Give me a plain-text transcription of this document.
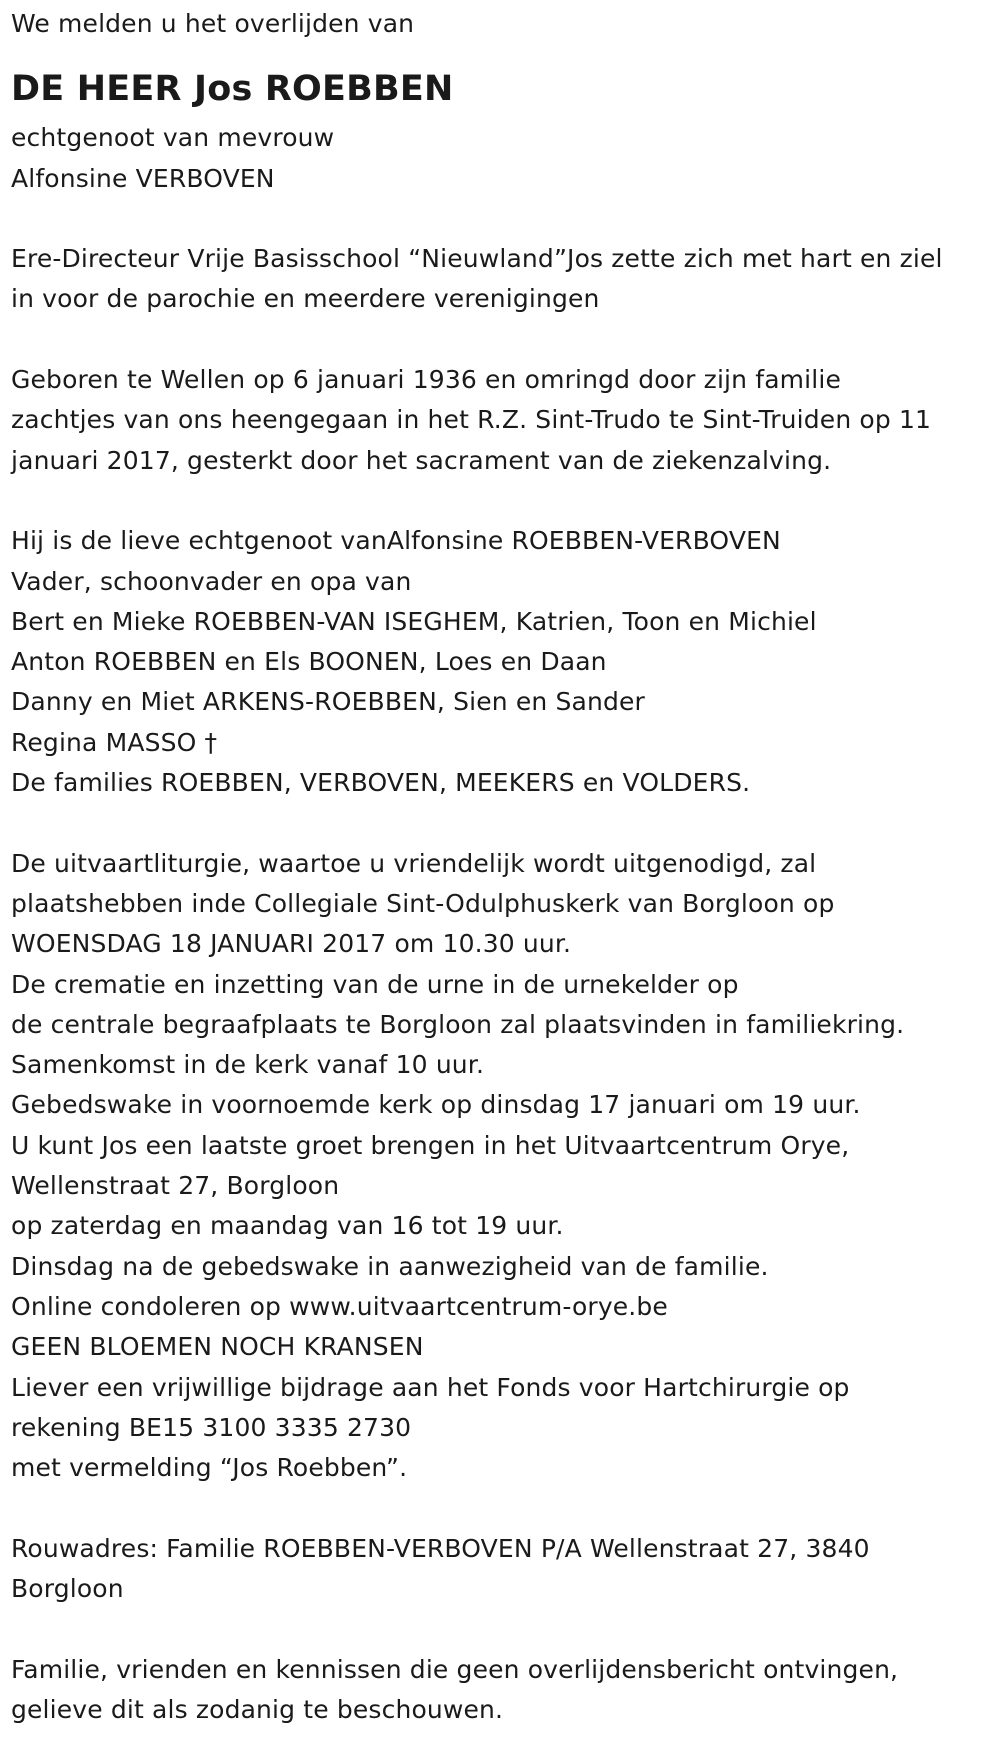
We melden u het overlijden van
DE HEER Jos ROEBBEN
echtgenoot van mevrouw
Alfonsine VERBOVEN
Ere-Directeur Vrije Basisschool “Nieuwland”Jos zette zich met hart en ziel
in voor de parochie en meerdere verenigingen
Geboren te Wellen op 6 januari 1936 en omringd door zijn familie
zachtjes van ons heengegaan in het R.Z. Sint-Trudo te Sint-Truiden op 11
januari 2017, gesterkt door het sacrament van de ziekenzalving.
Hij is de lieve echtgenoot vanAlfonsine ROEBBEN-VERBOVEN
Vader, schoonvader en opa van
Bert en Mieke ROEBBEN-VAN ISEGHEM, Katrien, Toon en Michiel
Anton ROEBBEN en Els BOONEN, Loes en Daan
Danny en Miet ARKENS-ROEBBEN, Sien en Sander
Regina MASSO †
De families ROEBBEN, VERBOVEN, MEEKERS en VOLDERS.
De uitvaartliturgie, waartoe u vriendelijk wordt uitgenodigd, zal
plaatshebben inde Collegiale Sint-Odulphuskerk van Borgloon op
WOENSDAG 18 JANUARI 2017 om 10.30 uur.
De crematie en inzetting van de urne in de urnekelder op
de centrale begraafplaats te Borgloon zal plaatsvinden in familiekring.
Samenkomst in de kerk vanaf 10 uur.
Gebedswake in voornoemde kerk op dinsdag 17 januari om 19 uur.
U kunt Jos een laatste groet brengen in het Uitvaartcentrum Orye,
Wellenstraat 27, Borgloon
op zaterdag en maandag van 16 tot 19 uur.
Dinsdag na de gebedswake in aanwezigheid van de familie.
Online condoleren op www.uitvaartcentrum-orye.be
GEEN BLOEMEN NOCH KRANSEN
Liever een vrijwillige bijdrage aan het Fonds voor Hartchirurgie op
rekening BE15 3100 3335 2730
met vermelding “Jos Roebben”.
Rouwadres: Familie ROEBBEN-VERBOVEN P/A Wellenstraat 27, 3840
Borgloon
Familie, vrienden en kennissen die geen overlijdensbericht ontvingen,
gelieve dit als zodanig te beschouwen.
